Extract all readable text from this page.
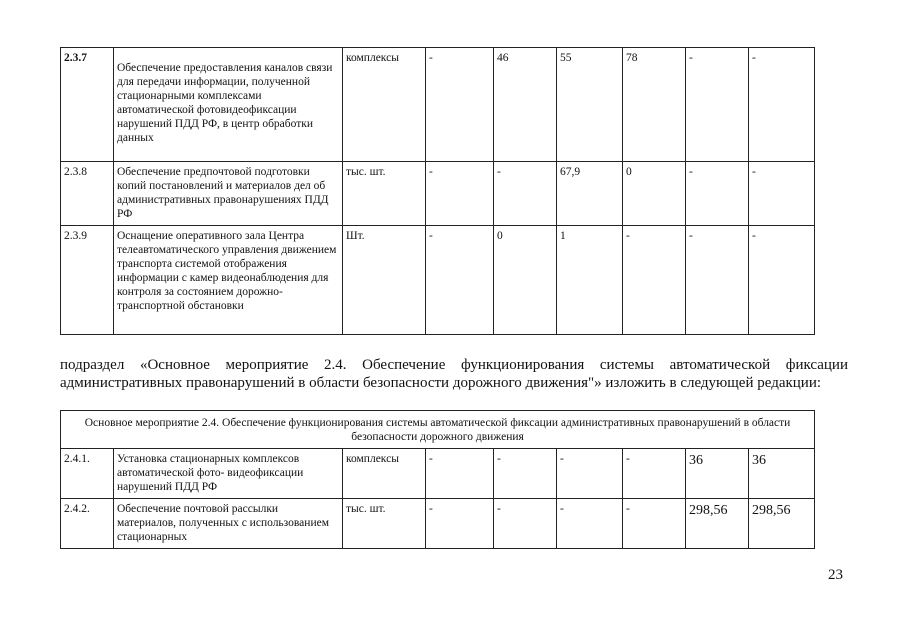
2.3.7	Обеспечение предоставления каналов связи для передачи информации, полученной стационарными комплексами автоматической фотовидеофиксации нарушений ПДД РФ, в центр обработки данных	комплексы	-	46	55	78	-	-
2.3.8	Обеспечение предпочтовой подготовки копий постановлений и материалов дел об административных правонарушениях ПДД РФ	тыс. шт.	-	-	67,9	0	-	-
2.3.9	Оснащение оперативного зала Центра телеавтоматического управления движением транспорта системой отображения информации с камер видеонаблюдения для контроля за состоянием дорожно-транспортной обстановки	Шт.	-	0	1	-	-	-
подраздел «Основное мероприятие 2.4. Обеспечение функционирования системы автоматической фиксации административных правонарушений в области безопасности дорожного движения"» изложить в следующей редакции:
Основное мероприятие 2.4. Обеспечение функционирования системы автоматической фиксации административных правонарушений в области безопасности дорожного движения								
2.4.1.	Установка стационарных комплексов автоматической фото- видеофиксации нарушений ПДД РФ	комплексы	-	-	-	-	36	36
2.4.2.	Обеспечение почтовой рассылки материалов, полученных с использованием стационарных	тыс. шт.	-	-	-	-	298,56	298,56
23
